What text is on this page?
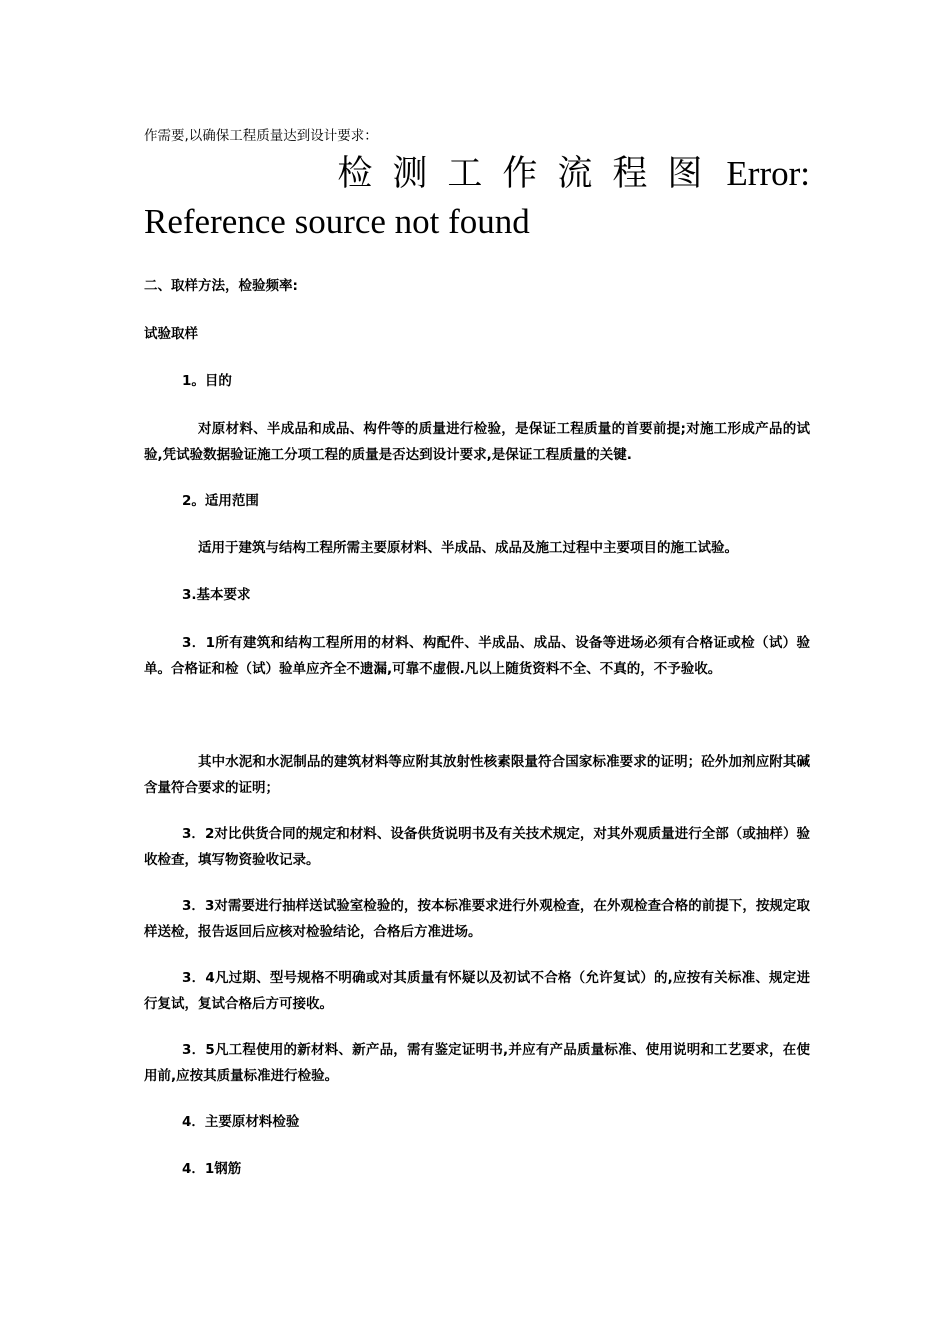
作需要,以确保工程质量达到设计要求：

检测工作流程图 Error:
Reference source not found

二、取样方法，检验频率:

试验取样

1。目的

对原材料、半成品和成品、构件等的质量进行检验，是保证工程质量的首要前提;对施工形成产品的试验,凭试验数据验证施工分项工程的质量是否达到设计要求,是保证工程质量的关键.

2。适用范围

适用于建筑与结构工程所需主要原材料、半成品、成品及施工过程中主要项目的施工试验。

3.基本要求

3．1所有建筑和结构工程所用的材料、构配件、半成品、成品、设备等进场必须有合格证或检（试）验单。合格证和检（试）验单应齐全不遗漏,可靠不虚假.凡以上随货资料不全、不真的，不予验收。

其中水泥和水泥制品的建筑材料等应附其放射性核素限量符合国家标准要求的证明；砼外加剂应附其碱含量符合要求的证明；

3．2对比供货合同的规定和材料、设备供货说明书及有关技术规定，对其外观质量进行全部（或抽样）验收检查，填写物资验收记录。

3．3对需要进行抽样送试验室检验的，按本标准要求进行外观检查，在外观检查合格的前提下，按规定取样送检，报告返回后应核对检验结论，合格后方准进场。

3．4凡过期、型号规格不明确或对其质量有怀疑以及初试不合格（允许复试）的,应按有关标准、规定进行复试，复试合格后方可接收。

3．5凡工程使用的新材料、新产品，需有鉴定证明书,并应有产品质量标准、使用说明和工艺要求，在使用前,应按其质量标准进行检验。

4．主要原材料检验

4．1钢筋
